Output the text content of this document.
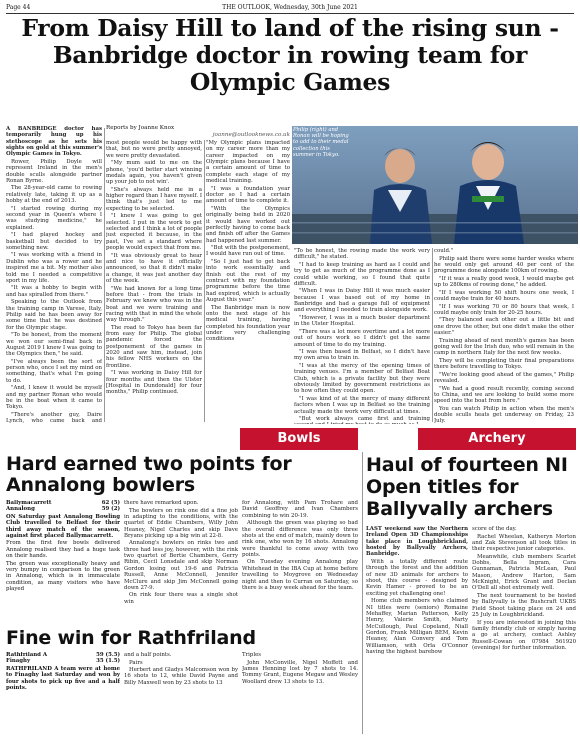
Page 44	THE OUTLOOK, Wednesday, 30th June 2021
From Daisy Hill to land of the rising sun - Banbridge doctor in rowing team for Olympic Games

A BANBRIDGE doctor has temporarily hung up his stethoscope as he sets his sights on gold at this summer's Olympic Games in Tokyo.

Rower, Philip Doyle will represent Ireland in the men's double sculls alongside partner Ronan Byrne.

The 28-year-old came to rowing relatively late, taking it up as a hobby at the end of 2013.

"I started rowing during my second year in Queen's where I was studying medicine," he explained.

"I had played hockey and basketball but decided to try something new.

"I was working with a friend in Dublin who was a rower and he inspired me a bit. My mother also told me I needed a competitive sport in my life.

"It was a hobby to begin with and has spiralled from there."

Speaking to the Outlook from the training camp in Varese, Italy, Philip said he has been away for some time that he was destined for the Olympic stage.

"To be honest, from the moment we won our semi-final back in August 2019 I knew I was going to the Olympics then," he said.

"I've always been the sort of person who, once I set my mind on something, that's what I'm going to do.

"And, I knew it would be myself and my partner Ronan who would be in the boat when it came to Tokyo.

"There's another guy, Daire Lynch, who came back and

Reports by Joanne Knox
joanne@outlooknews.co.uk

most people would be happy with that, but no were pretty annoyed, we were pretty devastated.

"My mum said to me on the phone, 'you'd better start winning medals again, you haven't given up your job to not win'.

"She's always held me in a higher regard than I have myself. I think that's just led to me expecting to be selected.

"I knew I was going to get selected. I put in the work to get selected and I think a lot of people just expected it because, in the past, I've set a standard where people would expect that from me.

"It was obviously great to hear and nice to have it officially announced, so that it didn't make a change, it was just another day of the week.

"We had known for a long time before that - from the trials in February we knew who was in the boat and we were training and racing with that in mind the whole way through."

The road to Tokyo has been far from easy for Philip. The global pandemic forced the postponement of the games in 2020 and saw him, instead, join his fellow NHS workers on the frontline.

"I was working in Daisy Hill for four months and then the Ulster [Hospital in Dundonald] for four months," Philip continued.

"My Olympic plans impacted on my career more than my career impacted on my Olympic plans because I have a certain amount of time to complete each stage of my medical training.

"I was a foundation year doctor so I had a certain amount of time to complete it.

"With the Olympics originally being held in 2020 it would have worked out perfectly having to come back and finish off after the Games had happened last summer.

"But with the postponement, I would have run out of time.

"So I just had to get back into work essentially and finish out the rest of my contract with my foundation programme before the time had expired, which is actually August this year."

The Banbridge man is now onto the next stage of his medical training, having completed his foundation year under very challenging conditions

Philip (right) and Ronan will be hoping to add to their medal collection this summer in Tokyo.

"To be honest, the rowing made the work very difficult," he stated.

"I had to keep training as hard as I could and try to get as much of the programme done as I could while working, so I found that quite difficult.

"When I was in Daisy Hill it was much easier because I was based out of my home in Banbridge and had a garage full of equipment and everything I needed to train alongside work.

"However, I was in a much busier department in the Ulster Hospital.

"There was a lot more overtime and a lot more out of hours work so I didn't get the same amount of time to do my training.

"I was then based in Belfast, so I didn't have my own area to train in.

"I was at the mercy of the opening times of training venues. I'm a member of Belfast Boat Club, which is a private facility but they were obviously limited by government restrictions as to how often they could open.

"I was kind of at the mercy of many different factors when I was up in Belfast so the training actually made the work very difficult at times.

"But work always came first and training

could."

Philip said there were some harder weeks where he would only get around 40 per cent of the programme done alongside 100km of rowing.

"If it was a really good week, I would maybe get up to 280kms of rowing done," he added.

"If I was working 50 shift hours one week, I could maybe train for 40 hours.

"If I was working 70 or 80 hours that week, I could maybe only train for 20-25 hours.

"They balanced each other out a little bit and one drove the other, but one didn't make the other easier."

Training ahead of next month's games has been going well for the Irish duo, who will remain in the camp in northern Italy for the next few weeks.

They will be completing their final preparations there before travelling to Tokyo.

"We're looking good ahead of the games," Philip revealed.

"We had a good result recently, coming second to China, and we are looking to build some more speed into the boat from here."

You can watch Philip in action when the men's double sculls heats get underway on Friday, 23 July.

Bowls	Archery
Hard earned two points for Annalong bowlers
Ballymacarrett	62 (5)
Annalong	59 (2)

ON Saturday past Annalong Bowling Club travelled to Belfast for their third away match of the season, against first placed Ballymacarrett.

From the first few bowls delivered Annalong realised they had a huge task on their hands.

The green was exceptionally heavy and very bumpy in comparison to the green in Annalong, which is in immaculate condition, as many visitors who have played

there have remarked upon.

The bowlers on rink one did a fine job in adapting to the conditions, with the quartet of Eddie Chambers, Willy John Heaney, Nigel Charles and skip Dave Bryans picking up a big win at 22-8.

Annalong's bowlers on rinks two and three had less joy, however, with the rink two quartet of Bertie Chambers, Gerry Ribin, Cecil Lonsdale and skip Norman Gordon losing out 19-6 and Patricia Russell, Anne McConnell, Jennifer McClure and skip Jim McConnell going down 27-9.

On rink four there was a single shot win

for Annalong, with Pam Trohare and David Geoffrey and Ivan Chambers combining to win 20-19.

Although the green was playing so bad the overall difference was only three shots at the end of match, mainly down to rink one, who won by 16 shots. Annalong were thankful to come away with two points.

On Tuesday evening Annalong play Whitehead in the IBA Cup at home before travelling to Moygrove on Wednesday night and then to Curran on Saturday, so there is a busy week ahead for the team.

Fine win for Rathfriland
Rathfriland A	59 (5.5)
Finaghy	35 (1.5)

RATHFRILAND A team were at home to Finaghy last Saturday and won by four shots to pick up five and a half points.

and a half points.

Pairs

Herbert and Gladys Malcomson won by 16 shots to 12, while David Payne and Billy Maxwell won by 23 shots to 13

Triples

John McConville, Nigel Moffett and James Henning lost by 7 shots to 14. Tommy Grant, Eugene Megaw and Wesley Woollard drew 13 shots to 13.

Haul of fourteen NI Open titles for Ballyvally archers

LAST weekend saw the Northern Ireland Open 3D Championships take place in Loughbrickland, hosted by Ballyvally Archers, Banbridge.

With a totally different route through the forest and the addition of new 3D animals for archers to shoot, this course - designed by Kevin Hamer - proved to be an exciting yet challenging one!

Home club members who claimed NI titles were (seniors) Romaine Mehaffey, Marian Patterson, Kelly Henry, Valerie Smith, Marty McCullough, Paul Copeland, Niall Gordon, Frank Milligan BEM, Kevin Heaney, Alan Convery and Tom Williamson, with Orla O'Connor having the highest barebow

score of the day.

Rachel Wheelan, Katheryn Morton and Zak Stevenson all took titles in their respective junior categories.

Meanwhile, club members Scarlet Dobbs, Bella Ingram, Cara Gunnaman, Patricia McLean, Paul Mason, Andrew Harton, Sam McKnight, Erick Grant and Declan O'Dell all shot extremely well.

The next tournament to be hosted by Ballyvally is the Bushcraft UKBS Field Shoot taking place on 24 and 25 July in Loughbrickland.

If you are interested in joining this family friendly club or simply having a go at archery, contact Ashley Russell-Cowan on 07984 561920 (evenings) for further information.
